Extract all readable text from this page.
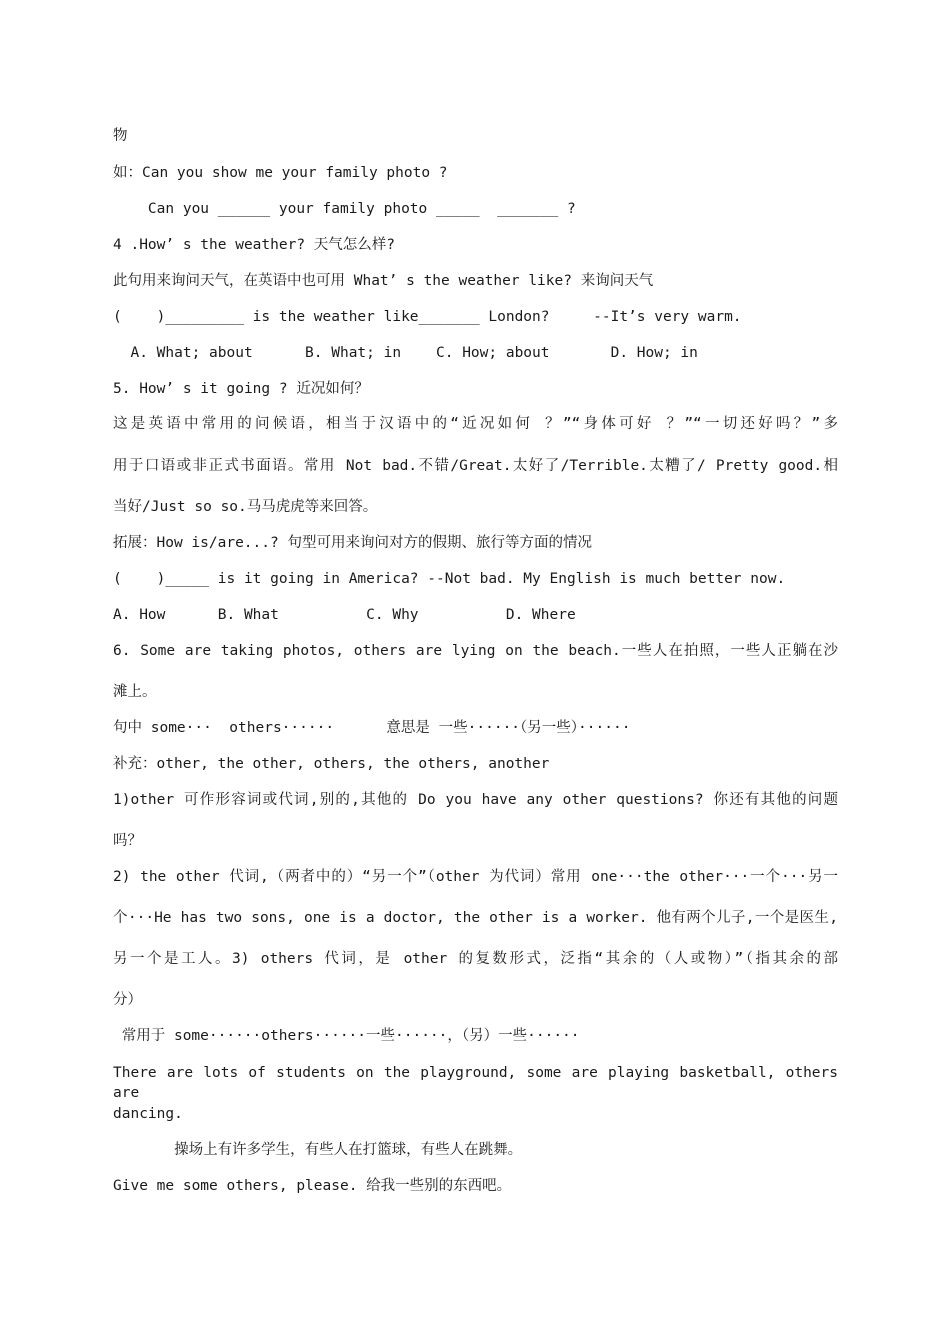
物
如：Can you show me your family photo ?
Can you ______ your family photo _____  _______ ?
4 .How’ s the weather? 天气怎么样?
此句用来询问天气，在英语中也可用 What’ s the weather like? 来询问天气
(    )_________ is the weather like_______ London?     --It’s very warm.
A. What; about      B. What; in    C. How; about       D. How; in
5. How’ s it going ? 近况如何？
这是英语中常用的问候语，相当于汉语中的“近况如何 ？”“身体可好 ？”“一切还好吗？”多
用于口语或非正式书面语。常用 Not bad.不错/Great.太好了/Terrible.太糟了/ Pretty good.相
当好/Just so so.马马虎虎等来回答。
拓展：How is/are...? 句型可用来询问对方的假期、旅行等方面的情况
(    )_____ is it going in America? --Not bad. My English is much better now.
A. How      B. What          C. Why          D. Where
6. Some are taking photos, others are lying on the beach.一些人在拍照，一些人正躺在沙
滩上。
句中 some···  others······      意思是 一些······（另一些）······
补充：other, the other, others, the others, another
1)other 可作形容词或代词,别的,其他的 Do you have any other questions? 你还有其他的问题
吗？
2) the other 代词,（两者中的）“另一个”（other 为代词）常用 one···the other···一个···另一
个···He has two sons, one is a doctor, the other is a worker. 他有两个儿子,一个是医生,
另一个是工人。3) others 代词，是 other 的复数形式，泛指“其余的（人或物）”（指其余的部
分）
常用于 some······others······一些······，（另）一些······
There are lots of students on the playground, some are playing basketball, others are
dancing.
操场上有许多学生，有些人在打篮球，有些人在跳舞。
Give me some others, please. 给我一些别的东西吧。
